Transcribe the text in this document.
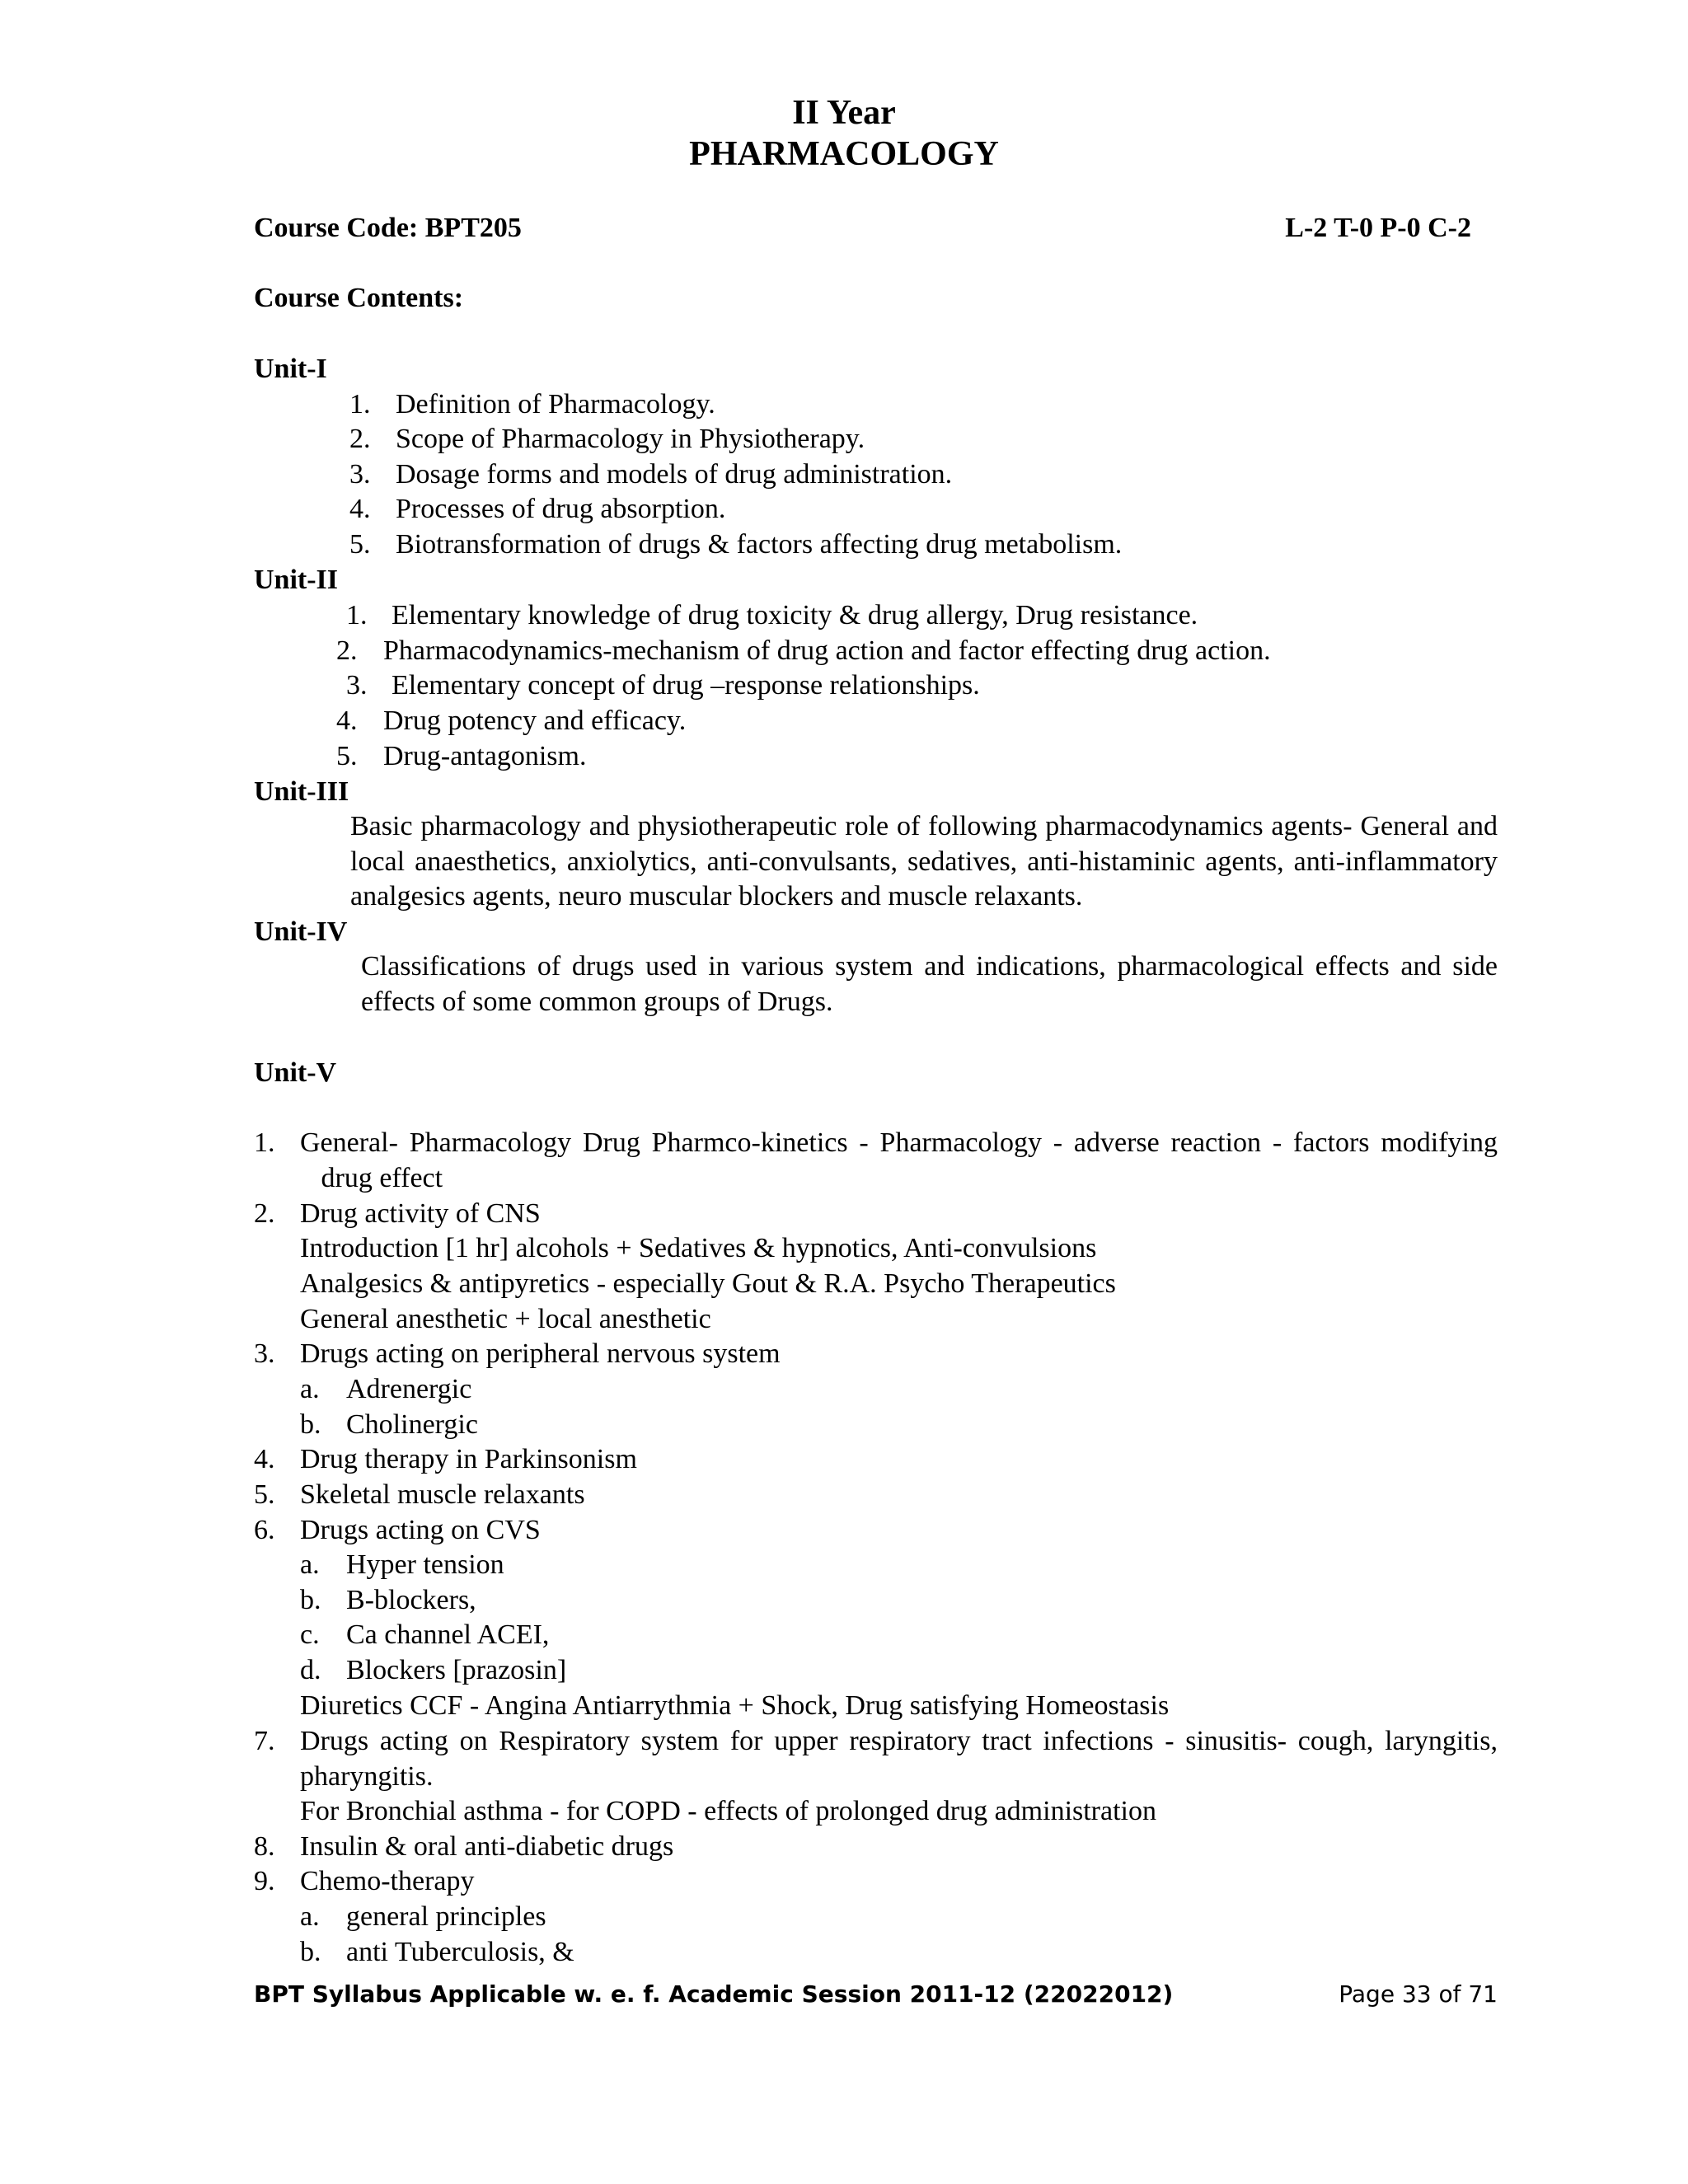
II Year
PHARMACOLOGY
Course Code: BPT205	L-2 T-0 P-0 C-2
Course Contents:
Unit-I
1. Definition of Pharmacology.
2. Scope of Pharmacology in Physiotherapy.
3. Dosage forms and models of drug administration.
4. Processes of drug absorption.
5. Biotransformation of drugs & factors affecting drug metabolism.
Unit-II
1. Elementary knowledge of drug toxicity & drug allergy, Drug resistance.
2. Pharmacodynamics-mechanism of drug action and factor effecting drug action.
3. Elementary concept of drug –response relationships.
4. Drug potency and efficacy.
5. Drug-antagonism.
Unit-III
Basic pharmacology and physiotherapeutic role of following pharmacodynamics agents- General and local anaesthetics, anxiolytics, anti-convulsants, sedatives, anti-histaminic agents, anti-inflammatory analgesics agents, neuro muscular blockers and muscle relaxants.
Unit-IV
Classifications of drugs used in various system and indications, pharmacological effects and side effects of some common groups of Drugs.
Unit-V
1. General- Pharmacology Drug Pharmco-kinetics - Pharmacology - adverse reaction - factors modifying    drug effect
2. Drug activity of CNS
Introduction [1 hr] alcohols + Sedatives & hypnotics, Anti-convulsions
Analgesics & antipyretics - especially Gout & R.A. Psycho Therapeutics
General anesthetic + local anesthetic
3. Drugs acting on peripheral nervous system
a. Adrenergic
b. Cholinergic
4. Drug therapy in Parkinsonism
5. Skeletal muscle relaxants
6. Drugs acting on CVS
a. Hyper tension
b. B-blockers,
c. Ca channel ACEI,
d. Blockers [prazosin]
Diuretics CCF - Angina Antiarrythmia + Shock, Drug satisfying Homeostasis
7. Drugs acting on Respiratory system for upper respiratory tract infections - sinusitis- cough, laryngitis, pharyngitis.
For Bronchial asthma - for COPD - effects of prolonged drug administration
8. Insulin & oral anti-diabetic drugs
9. Chemo-therapy
a. general principles
b. anti Tuberculosis, &
BPT Syllabus Applicable w. e. f. Academic Session 2011-12 (22022012)	Page 33 of 71
